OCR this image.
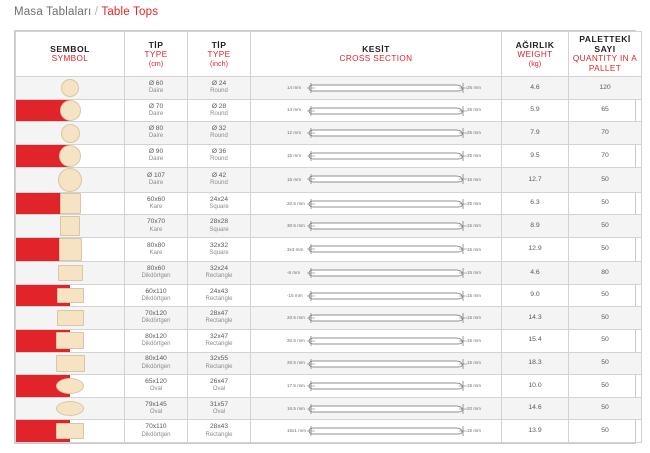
Masa Tablaları / Table Tops
SEMBOL
SYMBOL	TİP
TYPE
(cm)	TİP
TYPE
(inch)	KESİT
CROSS SECTION	AĞIRLIK
WEIGHT
(kg)	PALETTEKİ SAYI
QUANTITY IN A PALLET

	Ø 60
Daire	Ø 24
Round	14 mm 25 mm	4.6	120

	Ø 70
Daire	Ø 28
Round	14 mm 25 mm	5.9	65

	Ø 80
Daire	Ø 32
Round	12 mm 25 mm	7.9	70

	Ø 90
Daire	Ø 36
Round	15 mm 25 mm	9.5	70

	Ø 107
Daire	Ø 42
Round	15 mm 16 mm	12.7	50

	60x60
Kare	24x24
Square	20.5 mm 25 mm	6.3	50

	70x70
Kare	28x28
Square	30.5 mm 15 mm	8.9	50

	80x80
Kare	32x32
Square	3x3 mm 15 mm	12.9	50

	80x60
Dikdörtgen	32x24
Rectangle	-6 mm 15 mm	4.6	80

	60x110
Dikdörtgen	24x43
Rectangle	-15 mm 15 mm	9.0	50

	70x120
Dikdörtgen	28x47
Rectangle	20.5 mm 15 mm	14.3	50

	80x120
Dikdörtgen	32x47
Rectangle	20.5 mm 15 mm	15.4	50

	80x140
Dikdörtgen	32x55
Rectangle	20.5 mm 15 mm	18.3	50

	65x120
Oval	26x47
Oval	17.5 mm 15 mm	10.0	50

	79x145
Oval	31x57
Oval	16.5 mm 20 mm	14.6	50

	70x110
Dikdörtgen	28x43
Rectangle	16x1 mm 15 mm	13.9	50
